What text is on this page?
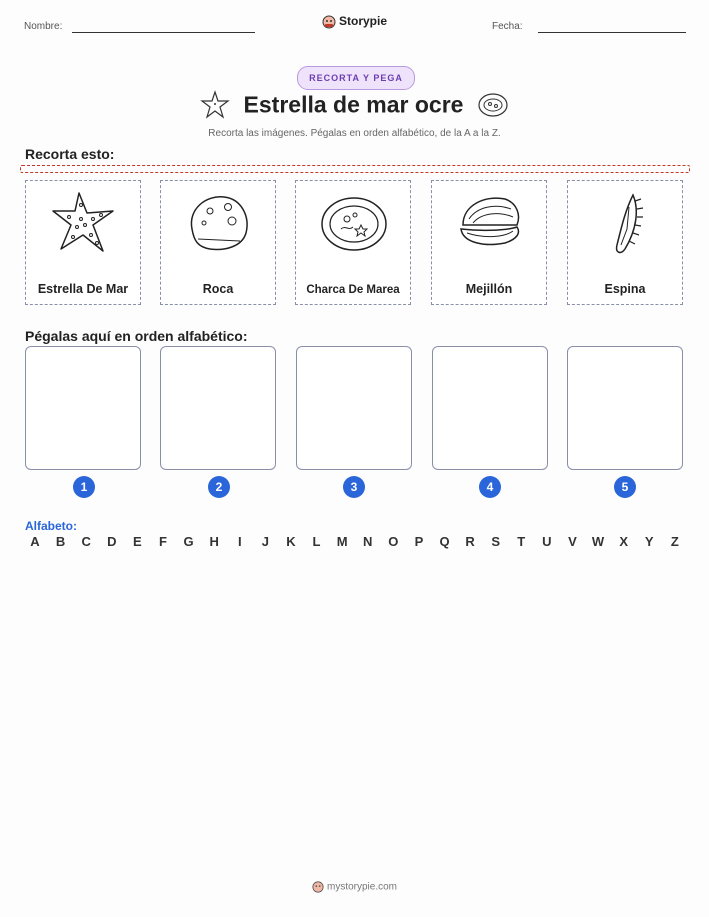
Nombre:	Storypie	Fecha:
RECORTA Y PEGA
Estrella de mar ocre
Recorta las imágenes. Pégalas en orden alfabético, de la A a la Z.
Recorta esto:
Estrella De Mar	Roca	Charca De Marea	Mejillón	Espina
Pégalas aquí en orden alfabético:
1	2	3	4	5
Alfabeto:
A	B	C	D	E	F	G	H	I	J	K	L	M	N	O	P	Q	R	S	T	U	V	W	X	Y	Z
mystorypie.com
